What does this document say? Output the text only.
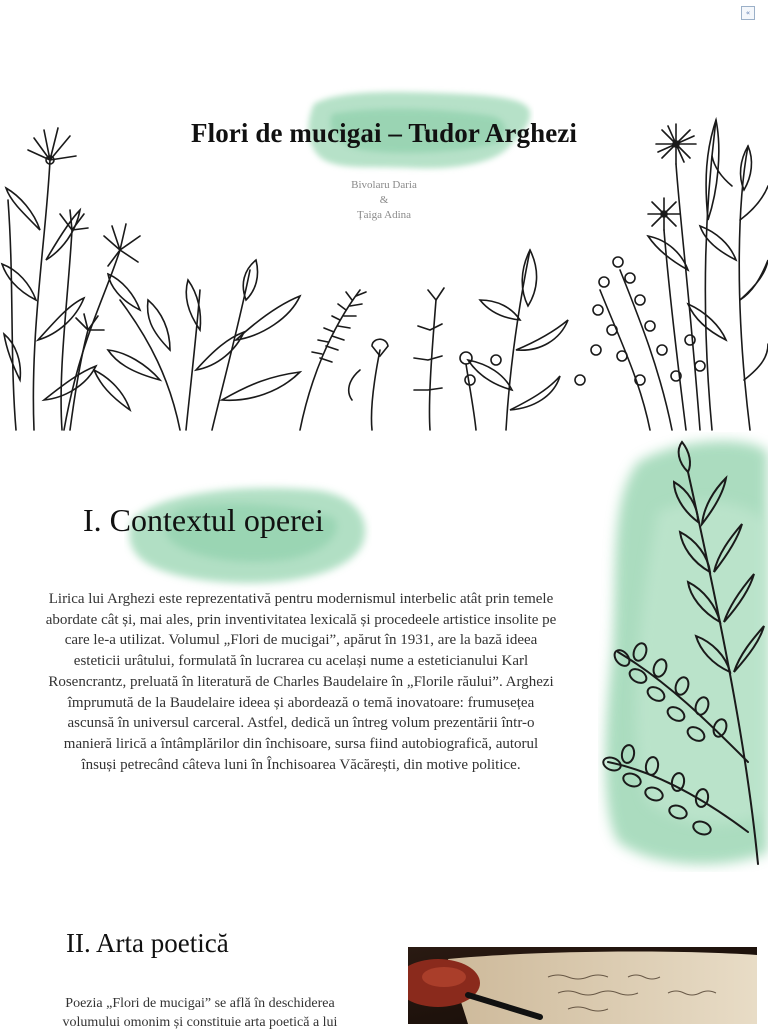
«
Flori de mucigai – Tudor Arghezi
Bivolaru Daria
&
Țaiga Adina
I. Contextul operei
Lirica lui Arghezi este reprezentativă pentru modernismul interbelic atât prin temele abordate cât și, mai ales, prin inventivitatea lexicală și procedeele artistice insolite pe care le-a utilizat. Volumul „Flori de mucigai”, apărut în 1931, are la bază ideea esteticii urâtului, formulată în lucrarea cu același nume a esteticianului Karl Rosencrantz, preluată în literatură de Charles Baudelaire în „Florile răului”. Arghezi împrumută de la Baudelaire ideea și abordează o temă inovatoare: frumusețea ascunsă în universul carceral. Astfel, dedică un întreg volum prezentării într-o manieră lirică a întâmplărilor din închisoare, sursa fiind autobiografică, autorul însuși petrecând câteva luni în Închisoarea Văcărești, din motive politice.
II. Arta poetică
Poezia „Flori de mucigai” se află în deschiderea volumului omonim și constituie arta poetică a lui
